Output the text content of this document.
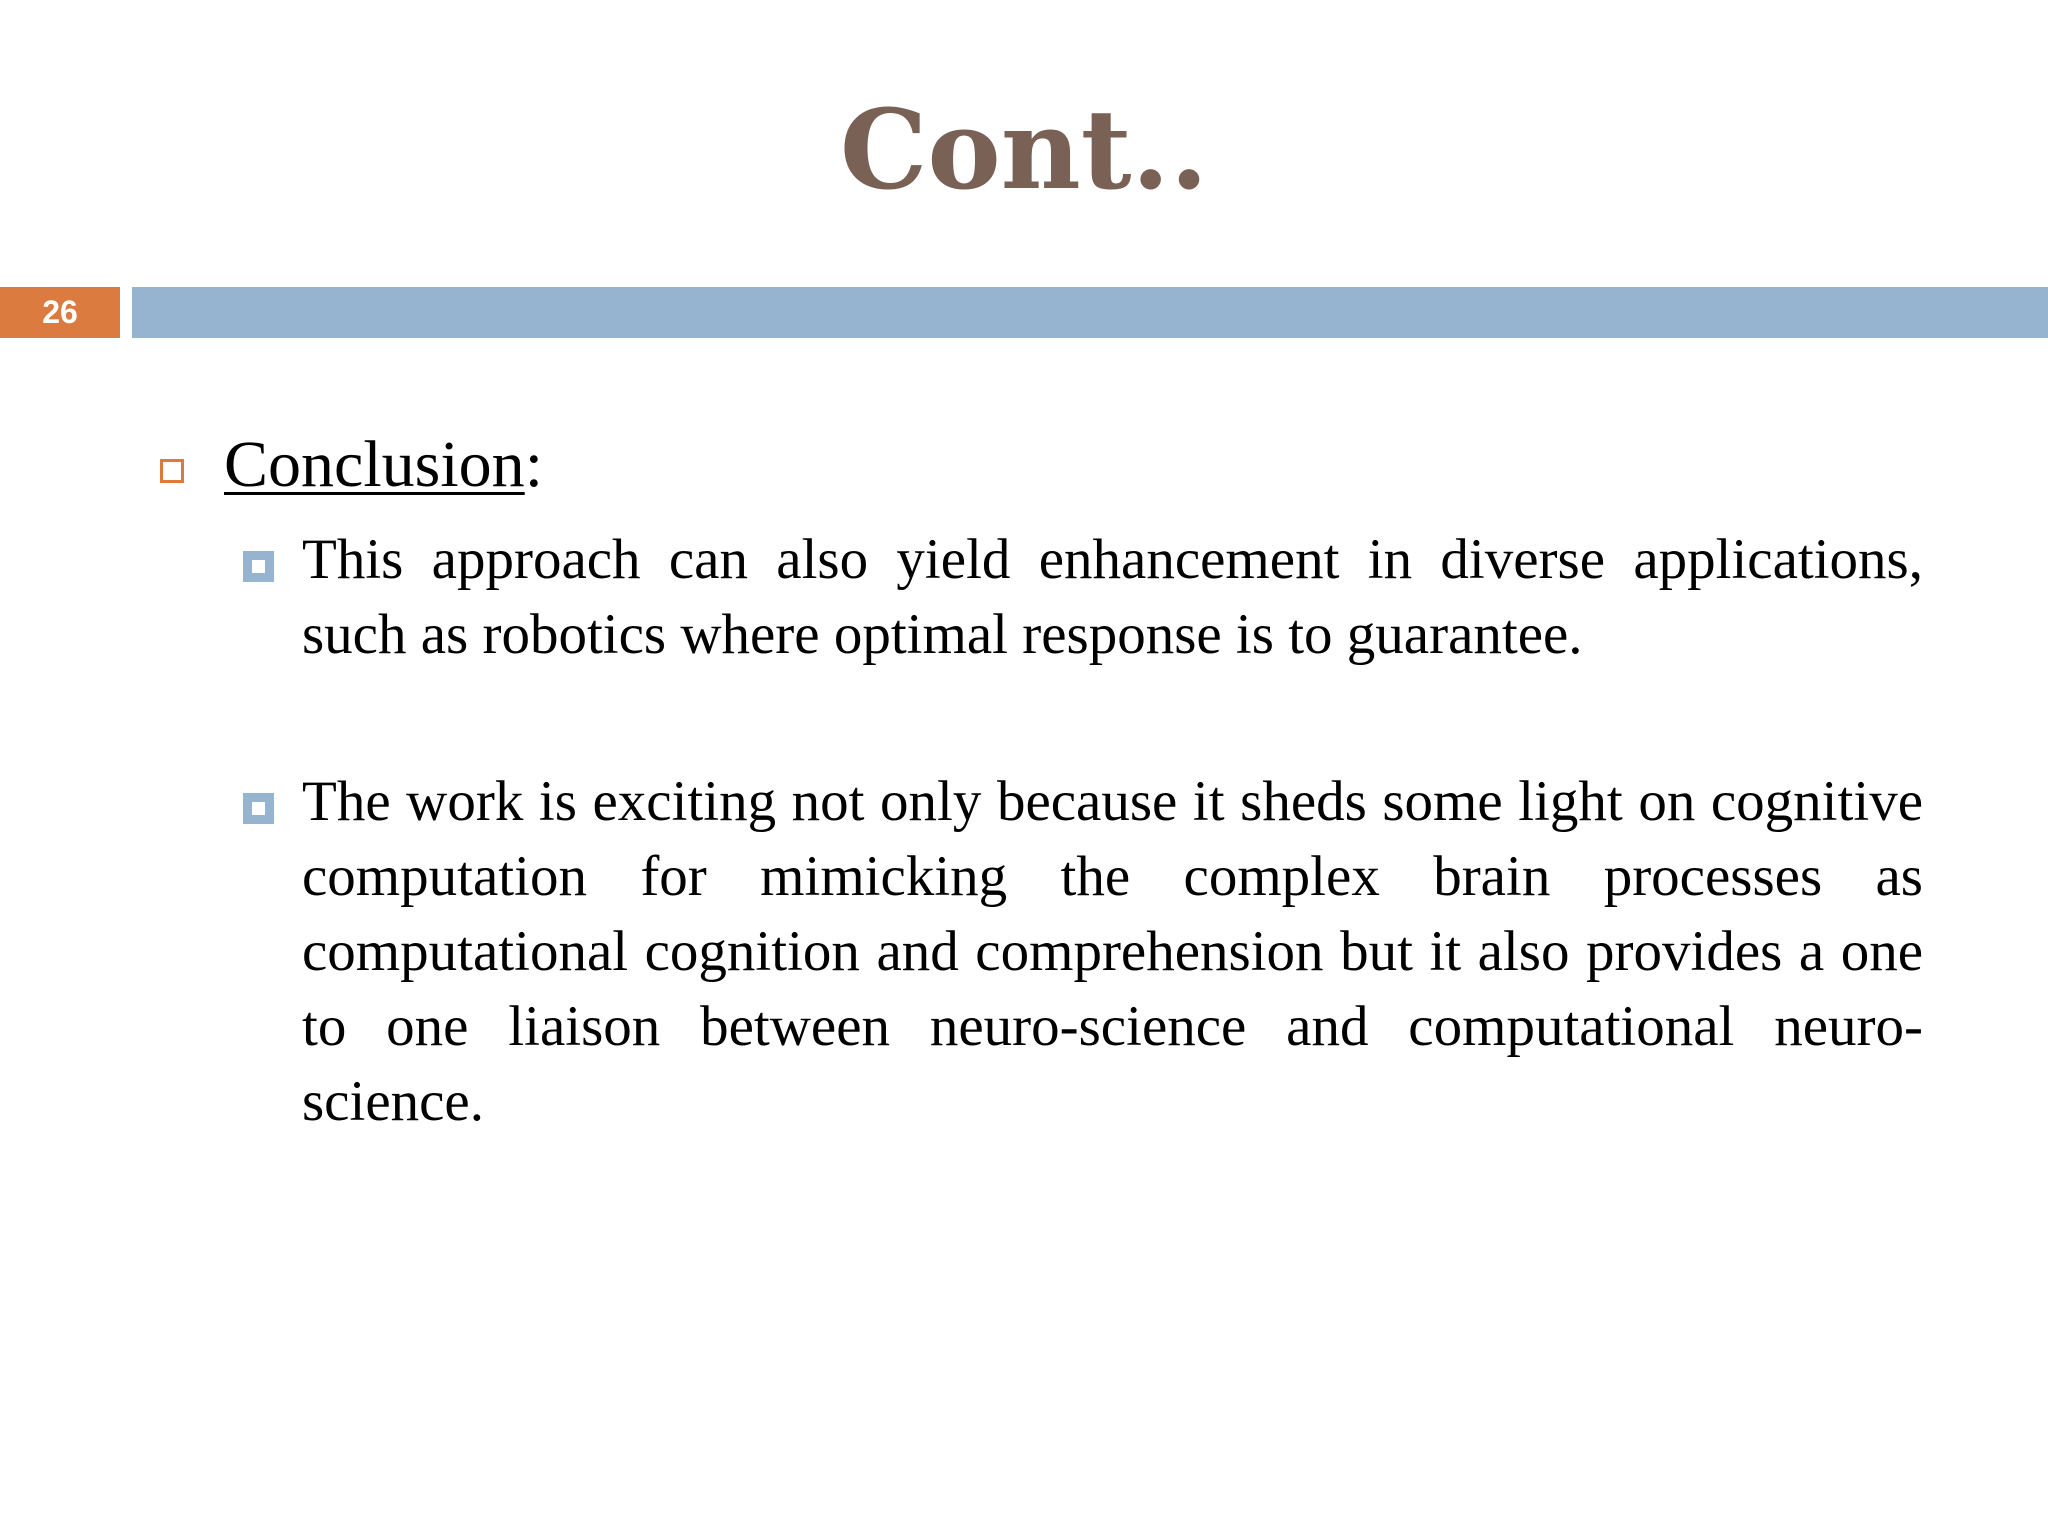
Cont..
26
Conclusion:
This approach can also yield enhancement in diverse applications, such as robotics where optimal response is to guarantee.
The work is exciting not only because it sheds some light on cognitive computation for mimicking the complex brain processes as computational cognition and comprehension but it also provides a one to one liaison between neuro-science and computational neuro-science.
